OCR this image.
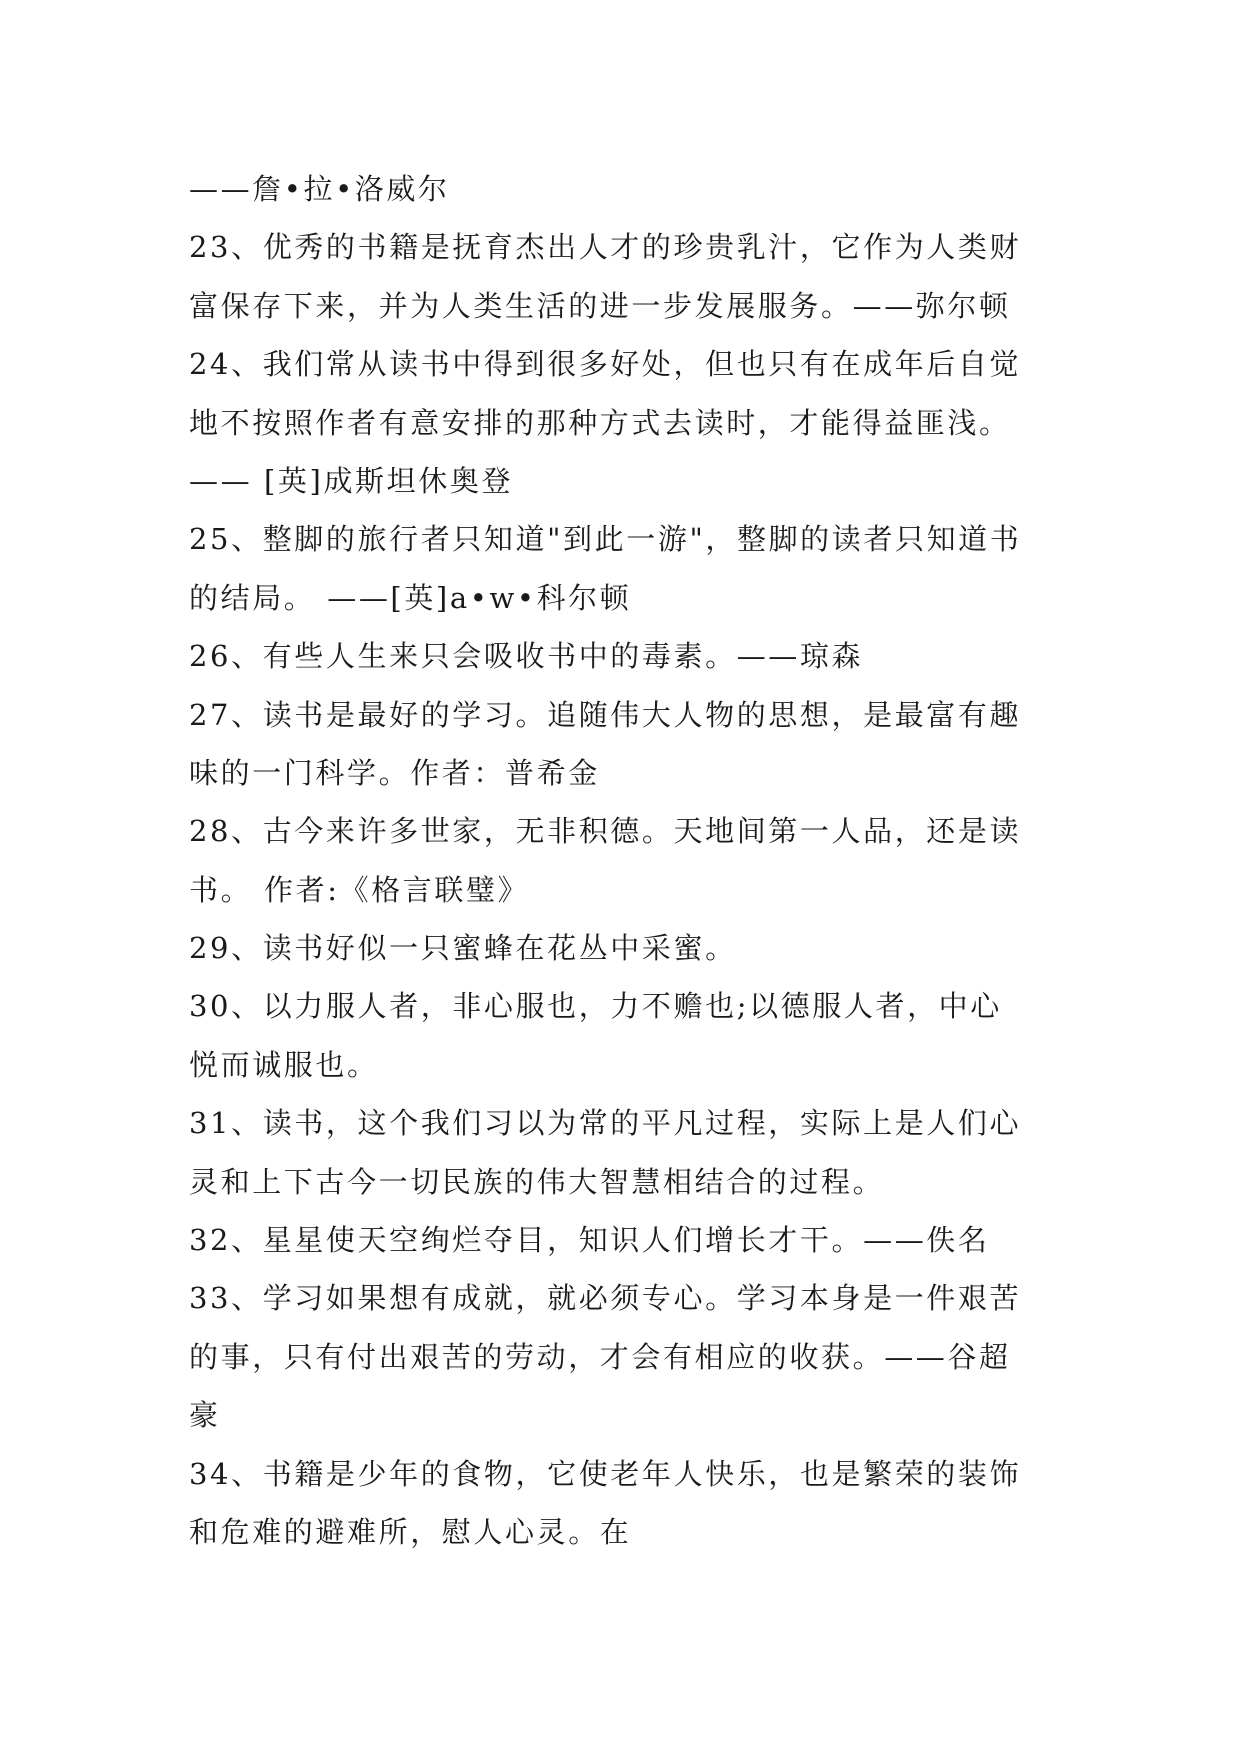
——詹•拉•洛威尔
23、优秀的书籍是抚育杰出人才的珍贵乳汁，它作为人类财
富保存下来，并为人类生活的进一步发展服务。——弥尔顿
24、我们常从读书中得到很多好处，但也只有在成年后自觉
地不按照作者有意安排的那种方式去读时，才能得益匪浅。
—— [英]成斯坦休奥登
25、整脚的旅行者只知道"到此一游"，整脚的读者只知道书
的结局。 ——[英]a•w•科尔顿
26、有些人生来只会吸收书中的毒素。——琼森
27、读书是最好的学习。追随伟大人物的思想，是最富有趣
味的一门科学。作者：普希金
28、古今来许多世家，无非积德。天地间第一人品，还是读
书。 作者:《格言联璧》
29、读书好似一只蜜蜂在花丛中采蜜。
30、以力服人者，非心服也，力不赡也;以德服人者，中心
悦而诚服也。
31、读书，这个我们习以为常的平凡过程，实际上是人们心
灵和上下古今一切民族的伟大智慧相结合的过程。
32、星星使天空绚烂夺目，知识人们增长才干。——佚名
33、学习如果想有成就，就必须专心。学习本身是一件艰苦
的事，只有付出艰苦的劳动，才会有相应的收获。——谷超
豪
34、书籍是少年的食物，它使老年人快乐，也是繁荣的装饰
和危难的避难所，慰人心灵。在
